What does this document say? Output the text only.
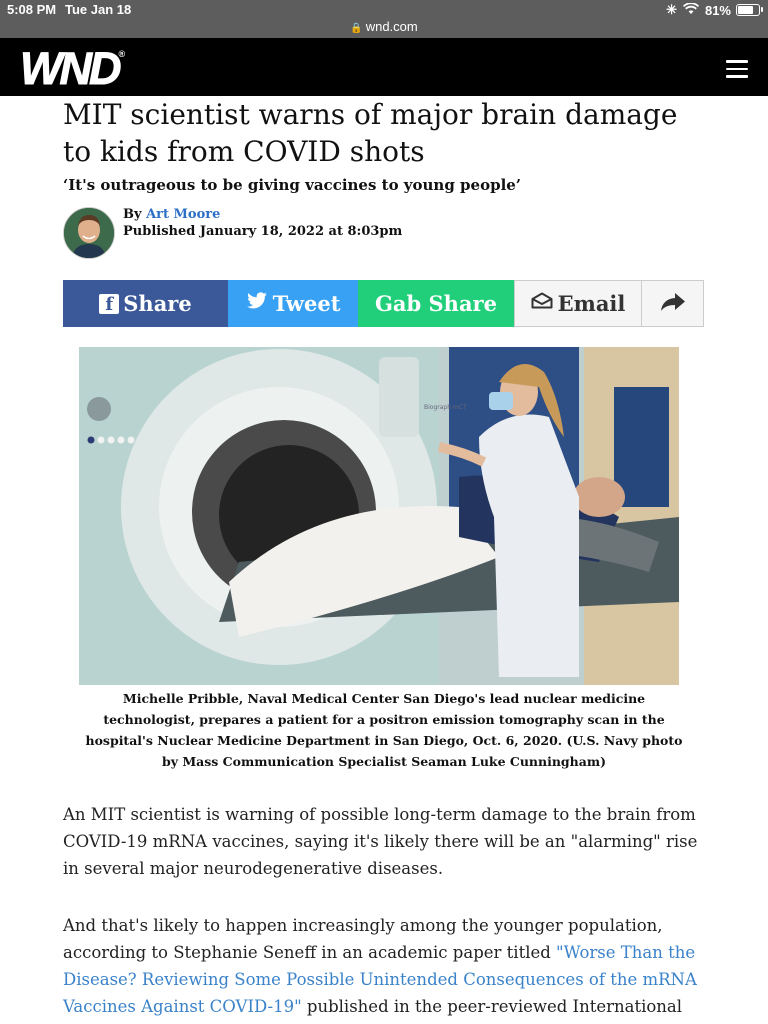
5:08 PM Tue Jan 18
🔒 wnd.com
✳ 81%
WND®
MIT scientist warns of major brain damage to kids from COVID shots
‘It's outrageous to be giving vaccines to young people’
By Art Moore
Published January 18, 2022 at 8:03pm
f Share	Tweet Gab Share	Email
Biograph mCT
Michelle Pribble, Naval Medical Center San Diego's lead nuclear medicine technologist, prepares a patient for a positron emission tomography scan in the hospital's Nuclear Medicine Department in San Diego, Oct. 6, 2020. (U.S. Navy photo by Mass Communication Specialist Seaman Luke Cunningham)

An MIT scientist is warning of possible long-term damage to the brain from COVID-19 mRNA vaccines, saying it's likely there will be an "alarming" rise in several major neurodegenerative diseases.

And that's likely to happen increasingly among the younger population, according to Stephanie Seneff in an academic paper titled "Worse Than the Disease? Reviewing Some Possible Unintended Consequences of the mRNA Vaccines Against COVID-19" published in the peer-reviewed International
